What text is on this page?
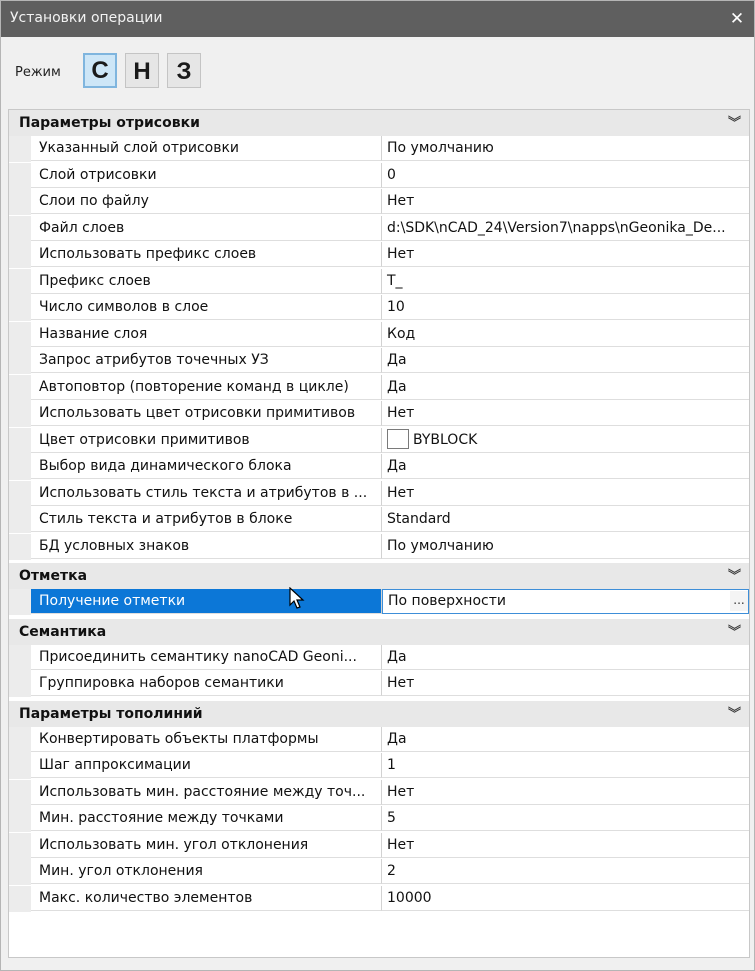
Установки операции	✕
Режим	С	Н	З
Параметры отрисовки	︾
Указанный слой отрисовки	По умолчанию
Слой отрисовки	0
Слои по файлу	Нет
Файл слоев	d:\SDK\nCAD_24\Version7\napps\nGeonika_De...
Использовать префикс слоев	Нет
Префикс слоев	T_
Число символов в слое	10
Название слоя	Код
Запрос атрибутов точечных УЗ	Да
Автоповтор (повторение команд в цикле)	Да
Использовать цвет отрисовки примитивов	Нет
Цвет отрисовки примитивов	BYBLOCK
Выбор вида динамического блока	Да
Использовать стиль текста и атрибутов в ...	Нет
Стиль текста и атрибутов в блоке	Standard
БД условных знаков	По умолчанию
Отметка	︾
Получение отметки	По поверхности	...
Семантика	︾
Присоединить семантику nanoCAD Geoni...	Да
Группировка наборов семантики	Нет
Параметры тополиний	︾
Конвертировать объекты платформы	Да
Шаг аппроксимации	1
Использовать мин. расстояние между точ...	Нет
Мин. расстояние между точками	5
Использовать мин. угол отклонения	Нет
Мин. угол отклонения	2
Макс. количество элементов	10000
